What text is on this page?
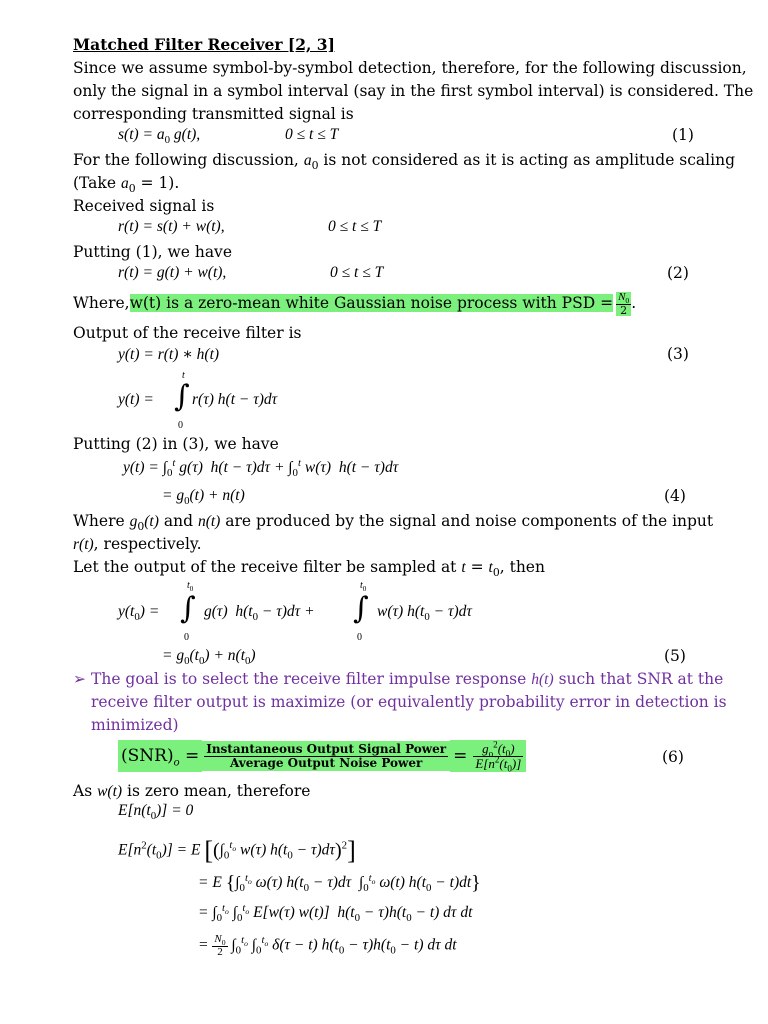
Matched Filter Receiver [2, 3]
Since we assume symbol-by-symbol detection, therefore, for the following discussion,
only the signal in a symbol interval (say in the first symbol interval) is considered. The
corresponding transmitted signal is
$s(t) = a_0$ g(t),	0 ≤ t ≤ T	(1)
For the following discussion, $a_0$ is not considered as it is acting as amplitude scaling
(Take $a_0 = 1$).
Received signal is
r(t) = s(t) + w(t),	0 ≤ t ≤ T
Putting (1), we have
r(t) = g(t) + w(t),	0 ≤ t ≤ T	(2)
Where,w(t) is a zero-mean white Gaussian noise process with PSD = $\frac{N_0}{2}$ .
Output of the receive filter is
y(t) = r(t) ∗ h(t)	(3)
y(t) =
t
∫
0
r(τ) h(t − τ)dτ
Putting (2) in (3), we have
$y(t) = \int_0^t$ g(τ)  $h(t - \tau)d\tau + \int_0^t$ w(τ)  h(t − τ)dτ
= $g_0(t) + n(t)$	(4)
Where $g_0(t)$ and n(t) are produced by the signal and noise components of the input
r(t), respectively.
Let the output of the receive filter be sampled at $t = t_0$, then
$y(t_0)$ =
$t_0$
∫
0
g(τ)  $h(t_0 - \tau)d\tau$ +
$t_0$
∫
0
w(τ) $h(t_0 - \tau)d\tau$
= $g_0(t_0) + n(t_0)$	(5)
➢ The goal is to select the receive filter impulse response h(t) such that SNR at the
receive filter output is maximize (or equivalently probability error in detection is
minimized)
$(SNR)_o = \frac{\text{Instantaneous Output Signal Power}}{\text{Average Output Noise Power}} = \frac{g_o^2(t_0)}{E[n^2(t_0)]}$	(6)
As w(t) is zero mean, therefore
$E[n(t_0)] = 0$
$E[n^2(t_0)] = E$ [($\int_0^{t_o}$ w(τ) $h(t_0 - \tau)d\tau)^2$]
= E {$\int_0^{t_o}$ ω(τ) $h(t_0 - \tau)d\tau$  $\int_0^{t_o}$ ω(t) $h(t_0 - t)dt$}
= $\int_0^{t_o}$ $\int_0^{t_o}$ E[w(τ) w(t)]  $h(t_0 - \tau)h(t_0 - t)$ dτ dt
= $\frac{N_0}{2} \int_0^{t_o}$ $\int_0^{t_o}$ δ(τ − t) $h(t_0 - \tau)h(t_0 - t)$ dτ dt
